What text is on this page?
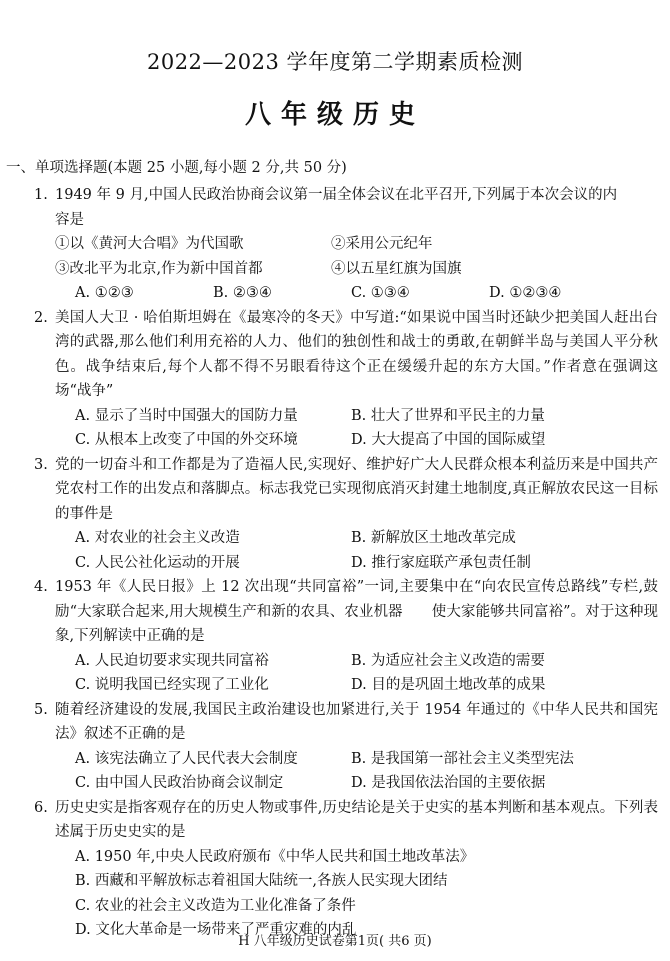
2022—2023 学年度第二学期素质检测
八年级历史
一、单项选择题(本题 25 小题,每小题 2 分,共 50 分)
1. 1949 年 9 月,中国人民政治协商会议第一届全体会议在北平召开,下列属于本次会议的内
容是
①以《黄河大合唱》为代国歌	②采用公元纪年
③改北平为北京,作为新中国首都	④以五星红旗为国旗
A. ①②③	B. ②③④	C. ①③④	D. ①②③④
2. 美国人大卫 · 哈伯斯坦姆在《最寒冷的冬天》中写道:“如果说中国当时还缺少把美国人赶出台湾的武器,那么他们利用充裕的人力、他们的独创性和战士的勇敢,在朝鲜半岛与美国人平分秋色。战争结束后,每个人都不得不另眼看待这个正在缓缓升起的东方大国。”作者意在强调这场“战争”
A. 显示了当时中国强大的国防力量	B. 壮大了世界和平民主的力量
C. 从根本上改变了中国的外交环境	D. 大大提高了中国的国际威望
3. 党的一切奋斗和工作都是为了造福人民,实现好、维护好广大人民群众根本利益历来是中国共产党农村工作的出发点和落脚点。标志我党已实现彻底消灭封建土地制度,真正解放农民这一目标的事件是
A. 对农业的社会主义改造	B. 新解放区土地改革完成
C. 人民公社化运动的开展	D. 推行家庭联产承包责任制
4. 1953 年《人民日报》上 12 次出现“共同富裕”一词,主要集中在“向农民宣传总路线”专栏,鼓励“大家联合起来,用大规模生产和新的农具、农业机器　　使大家能够共同富裕”。对于这种现象,下列解读中正确的是
A. 人民迫切要求实现共同富裕	B. 为适应社会主义改造的需要
C. 说明我国已经实现了工业化	D. 目的是巩固土地改革的成果
5. 随着经济建设的发展,我国民主政治建设也加紧进行,关于 1954 年通过的《中华人民共和国宪法》叙述不正确的是
A. 该宪法确立了人民代表大会制度	B. 是我国第一部社会主义类型宪法
C. 由中国人民政治协商会议制定	D. 是我国依法治国的主要依据
6. 历史史实是指客观存在的历史人物或事件,历史结论是关于史实的基本判断和基本观点。下列表述属于历史史实的是
A. 1950 年,中央人民政府颁布《中华人民共和国土地改革法》
B. 西藏和平解放标志着祖国大陆统一,各族人民实现大团结
C. 农业的社会主义改造为工业化准备了条件
D. 文化大革命是一场带来了严重灾难的内乱
H 八年级历史试卷第1页( 共6 页)
